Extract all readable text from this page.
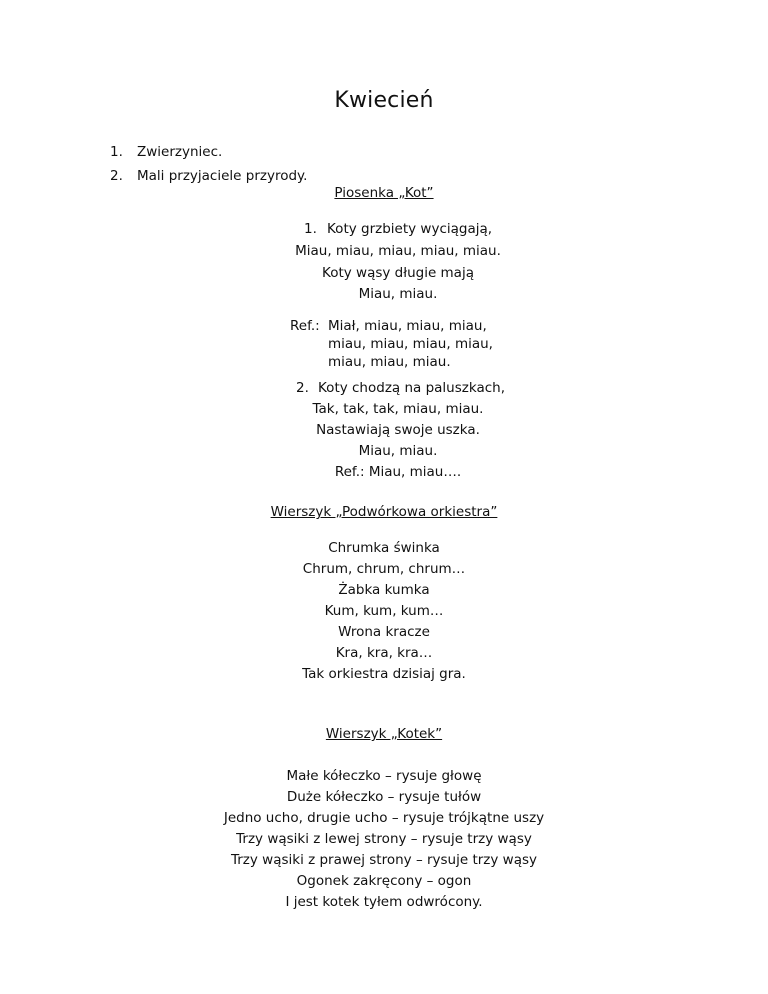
Kwiecień
1. Zwierzyniec.
2. Mali przyjaciele przyrody.
Piosenka „Kot”
1. Koty grzbiety wyciągają,
Miau, miau, miau, miau, miau.
Koty wąsy długie mają
Miau, miau.
Ref.: Miał, miau, miau, miau,
miau, miau, miau, miau,
miau, miau, miau.
2. Koty chodzą na paluszkach,
Tak, tak, tak, miau, miau.
Nastawiają swoje uszka.
Miau, miau.
Ref.: Miau, miau….
Wierszyk „Podwórkowa orkiestra”
Chrumka świnka
Chrum, chrum, chrum…
Żabka kumka
Kum, kum, kum…
Wrona kracze
Kra, kra, kra…
Tak orkiestra dzisiaj gra.
Wierszyk „Kotek”
Małe kółeczko – rysuje głowę
Duże kółeczko – rysuje tułów
Jedno ucho, drugie ucho – rysuje trójkątne uszy
Trzy wąsiki z lewej strony – rysuje trzy wąsy
Trzy wąsiki z prawej strony – rysuje trzy wąsy
Ogonek zakręcony – ogon
I jest kotek tyłem odwrócony.
